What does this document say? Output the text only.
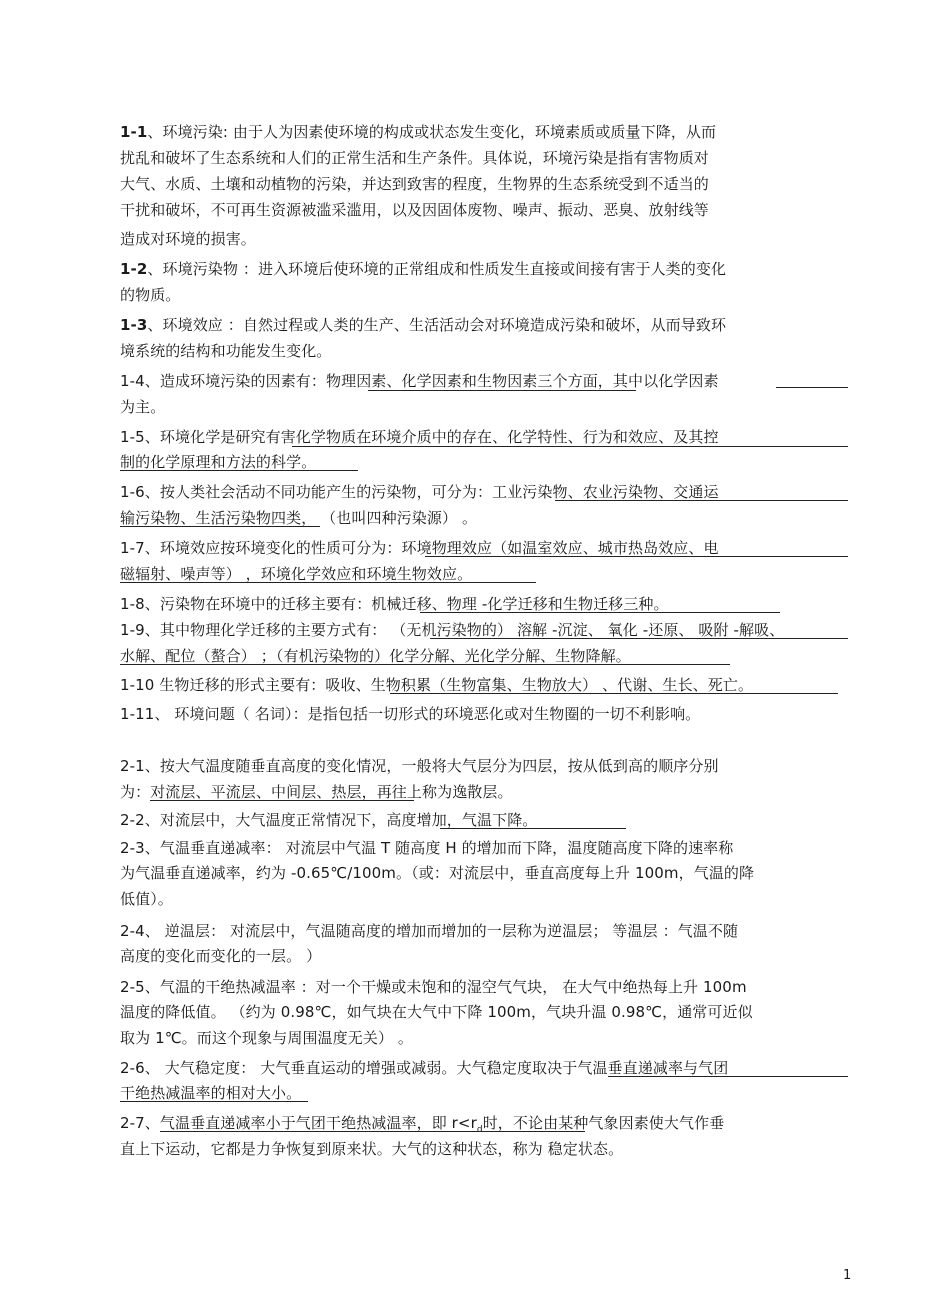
1-1、环境污染: 由于人为因素使环境的构成或状态发生变化，环境素质或质量下降，从而
扰乱和破坏了生态系统和人们的正常生活和生产条件。具体说，环境污染是指有害物质对
大气、水质、土壤和动植物的污染，并达到致害的程度，生物界的生态系统受到不适当的
干扰和破坏，不可再生资源被滥采滥用，以及因固体废物、噪声、振动、恶臭、放射线等
造成对环境的损害。
1-2、环境污染物 ：进入环境后使环境的正常组成和性质发生直接或间接有害于人类的变化
的物质。
1-3、环境效应 ：自然过程或人类的生产、生活活动会对环境造成污染和破坏，从而导致环
境系统的结构和功能发生变化。
1-4、造成环境污染的因素有：物理因素、化学因素和生物因素三个方面，其中以化学因素
为主。
1-5、环境化学是研究有害化学物质在环境介质中的存在、化学特性、行为和效应、及其控
制的化学原理和方法的科学。
1-6、按人类社会活动不同功能产生的污染物，可分为：工业污染物、农业污染物、交通运
输污染物、生活污染物四类， （也叫四种污染源） 。
1-7、环境效应按环境变化的性质可分为：环境物理效应（如温室效应、城市热岛效应、电
磁辐射、噪声等） ，环境化学效应和环境生物效应。
1-8、污染物在环境中的迁移主要有：机械迁移、物理 -化学迁移和生物迁移三种。
1-9、其中物理化学迁移的主要方式有： （无机污染物的） 溶解 -沉淀、 氧化 -还原、 吸附 -解吸、
水解、配位（螯合） ；（有机污染物的）化学分解、光化学分解、生物降解。
1-10 生物迁移的形式主要有：吸收、生物积累（生物富集、生物放大） 、代谢、生长、死亡。
1-11、 环境问题（ 名词）：是指包括一切形式的环境恶化或对生物圈的一切不利影响。
2-1、按大气温度随垂直高度的变化情况，一般将大气层分为四层，按从低到高的顺序分别
为：对流层、平流层、中间层、热层，再往上称为逸散层。
2-2、对流层中，大气温度正常情况下，高度增加，气温下降。
2-3、气温垂直递减率： 对流层中气温 T 随高度 H 的增加而下降，温度随高度下降的速率称
为气温垂直递减率，约为 -0.65℃/100m。（或：对流层中，垂直高度每上升 100m，气温的降
低值）。
2-4、 逆温层： 对流层中，气温随高度的增加而增加的一层称为逆温层； 等温层 ：气温不随
高度的变化而变化的一层。 ）
2-5、气温的干绝热减温率 ：对一个干燥或未饱和的湿空气气块， 在大气中绝热每上升 100m
温度的降低值。 （约为 0.98℃，如气块在大气中下降 100m，气块升温 0.98℃，通常可近似
取为 1℃。而这个现象与周围温度无关） 。
2-6、 大气稳定度： 大气垂直运动的增强或减弱。大气稳定度取决于气温垂直递减率与气团
干绝热减温率的相对大小。
2-7、气温垂直递减率小于气团干绝热减温率，即 $r<r_d$时，不论由某种气象因素使大气作垂
直上下运动，它都是力争恢复到原来状。大气的这种状态，称为 稳定状态。
1
